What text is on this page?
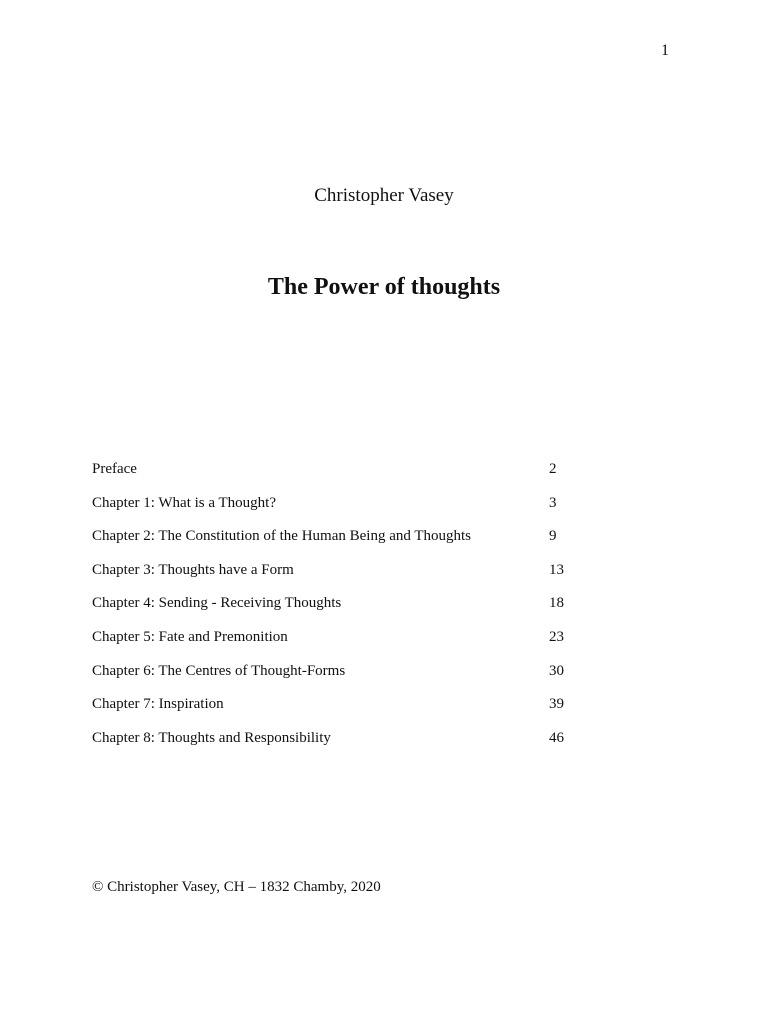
1
Christopher Vasey
The Power of thoughts
Preface	2
Chapter 1: What is a Thought?	3
Chapter 2: The Constitution of the Human Being and Thoughts	9
Chapter 3: Thoughts have a Form	13
Chapter 4: Sending - Receiving Thoughts	18
Chapter 5: Fate and Premonition	23
Chapter 6: The Centres of Thought-Forms	30
Chapter 7: Inspiration	39
Chapter 8: Thoughts and Responsibility	46
© Christopher Vasey, CH – 1832 Chamby, 2020
